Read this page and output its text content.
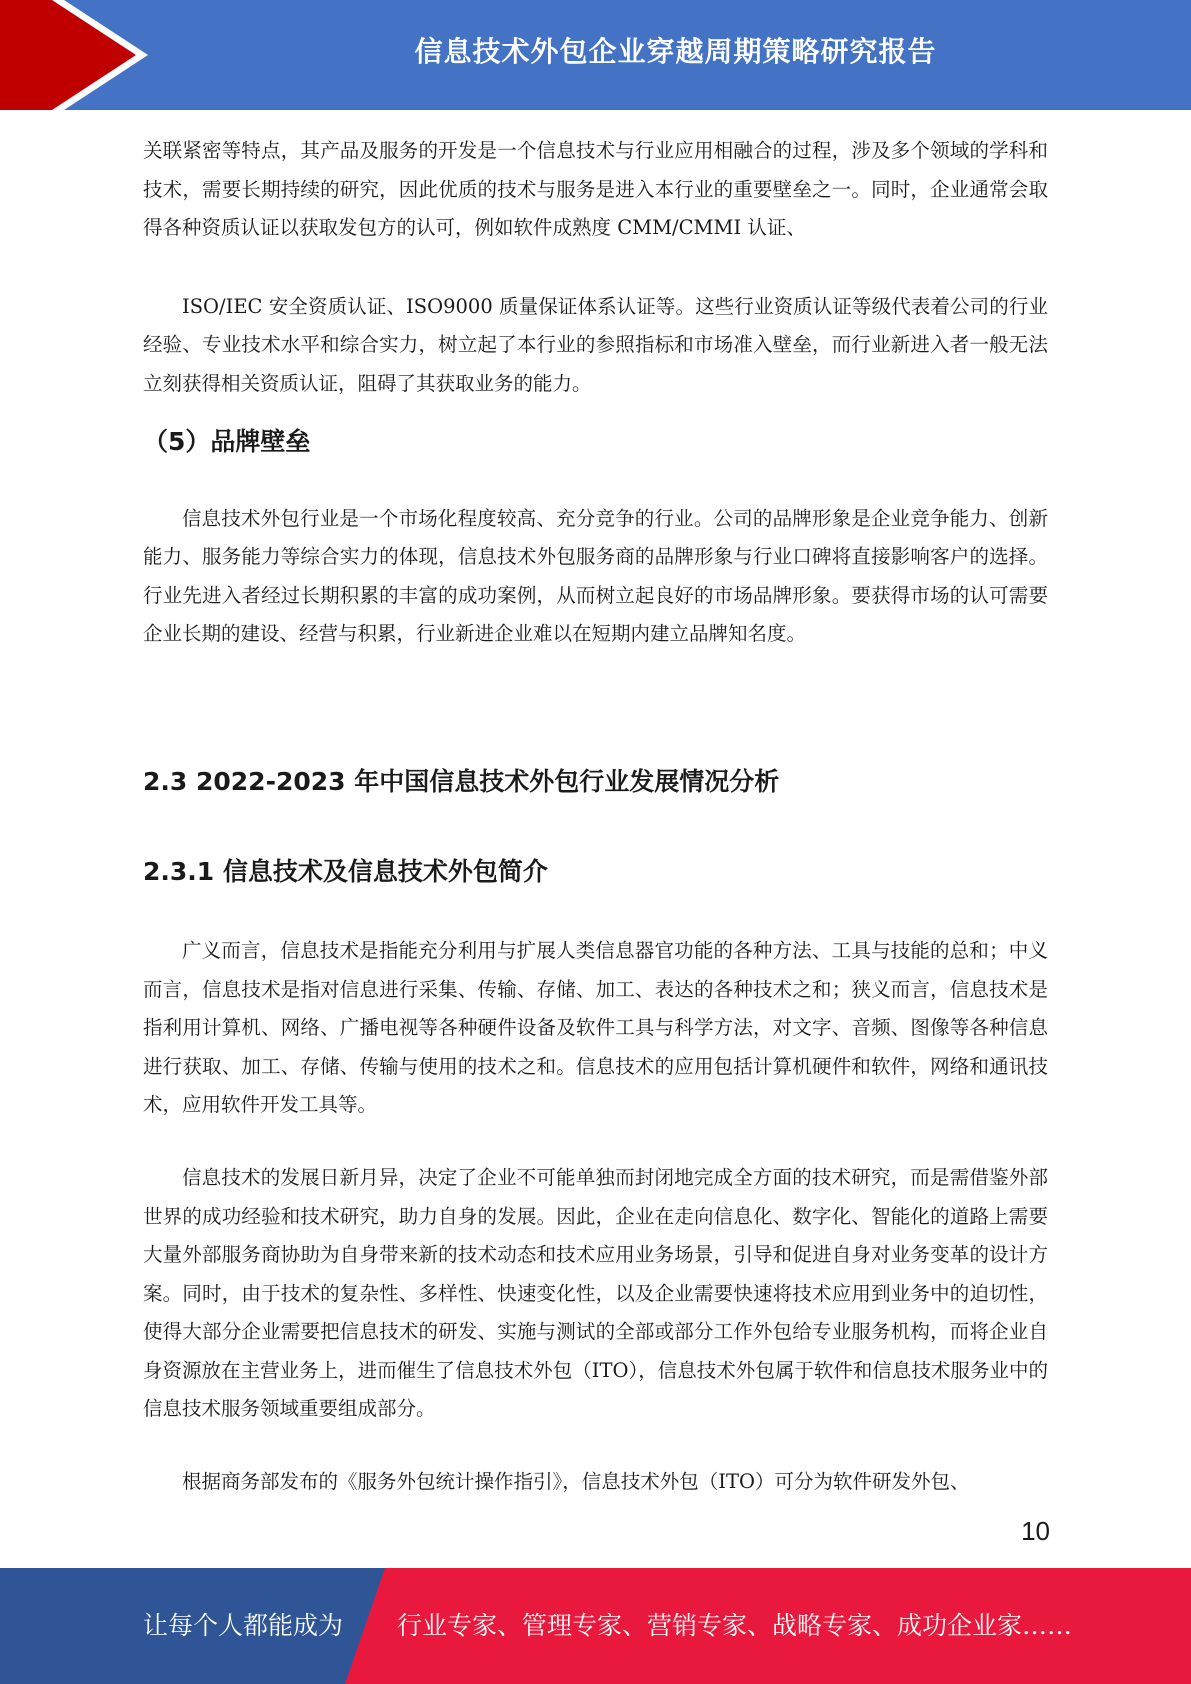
信息技术外包企业穿越周期策略研究报告

关联紧密等特点，其产品及服务的开发是一个信息技术与行业应用相融合的过程，涉及多个领域的学科和技术，需要长期持续的研究，因此优质的技术与服务是进入本行业的重要壁垒之一。同时，企业通常会取得各种资质认证以获取发包方的认可，例如软件成熟度 CMM/CMMI 认证、

ISO/IEC 安全资质认证、ISO9000 质量保证体系认证等。这些行业资质认证等级代表着公司的行业经验、专业技术水平和综合实力，树立起了本行业的参照指标和市场准入壁垒，而行业新进入者一般无法立刻获得相关资质认证，阻碍了其获取业务的能力。

（5）品牌壁垒

信息技术外包行业是一个市场化程度较高、充分竞争的行业。公司的品牌形象是企业竞争能力、创新能力、服务能力等综合实力的体现，信息技术外包服务商的品牌形象与行业口碑将直接影响客户的选择。行业先进入者经过长期积累的丰富的成功案例，从而树立起良好的市场品牌形象。要获得市场的认可需要企业长期的建设、经营与积累，行业新进企业难以在短期内建立品牌知名度。

2.3 2022-2023 年中国信息技术外包行业发展情况分析
2.3.1 信息技术及信息技术外包简介

广义而言，信息技术是指能充分利用与扩展人类信息器官功能的各种方法、工具与技能的总和；中义而言，信息技术是指对信息进行采集、传输、存储、加工、表达的各种技术之和；狭义而言，信息技术是指利用计算机、网络、广播电视等各种硬件设备及软件工具与科学方法，对文字、音频、图像等各种信息进行获取、加工、存储、传输与使用的技术之和。信息技术的应用包括计算机硬件和软件，网络和通讯技术，应用软件开发工具等。

信息技术的发展日新月异，决定了企业不可能单独而封闭地完成全方面的技术研究，而是需借鉴外部世界的成功经验和技术研究，助力自身的发展。因此，企业在走向信息化、数字化、智能化的道路上需要大量外部服务商协助为自身带来新的技术动态和技术应用业务场景，引导和促进自身对业务变革的设计方案。同时，由于技术的复杂性、多样性、快速变化性，以及企业需要快速将技术应用到业务中的迫切性，使得大部分企业需要把信息技术的研发、实施与测试的全部或部分工作外包给专业服务机构，而将企业自身资源放在主营业务上，进而催生了信息技术外包（ITO），信息技术外包属于软件和信息技术服务业中的信息技术服务领域重要组成部分。

根据商务部发布的《服务外包统计操作指引》，信息技术外包（ITO）可分为软件研发外包、

10
让每个人都能成为 行业专家、管理专家、营销专家、战略专家、成功企业家……
